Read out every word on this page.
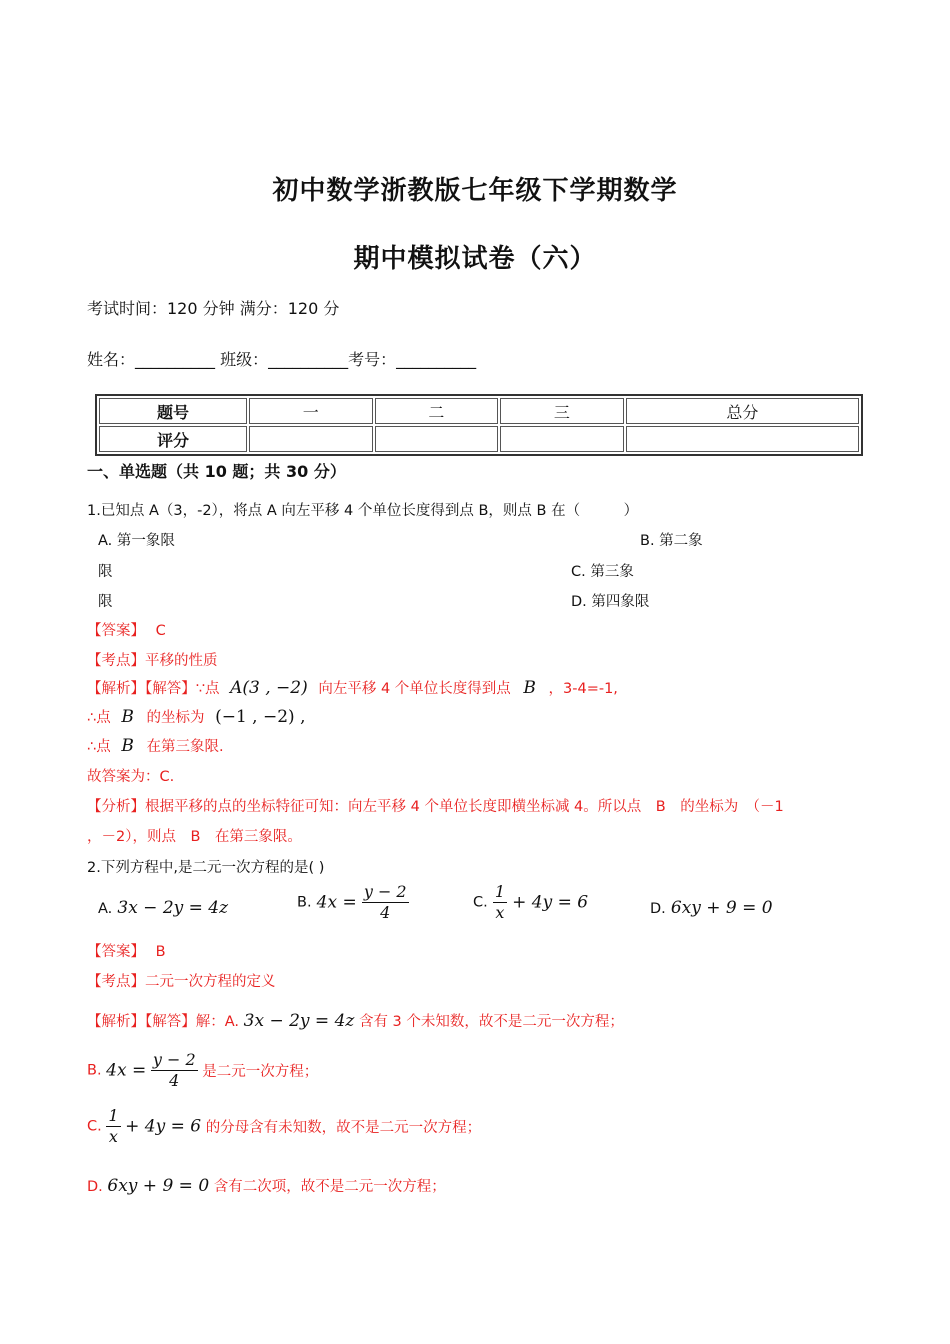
初中数学浙教版七年级下学期数学
期中模拟试卷（六）
考试时间：120 分钟 满分：120 分
姓名：__________ 班级：__________考号：__________
题号	一	二	三	总分
评分				
一、单选题（共 10 题；共 30 分）
1.已知点 A（3，-2），将点 A 向左平移 4 个单位长度得到点 B，则点 B 在（　　　）
A. 第一象限	B. 第二象
限	C. 第三象
限	D. 第四象限
【答案】 C
【考点】平移的性质
【解析】【解答】∵点 A(3 , −2) 向左平移 4 个单位长度得到点 B ，3-4=-1,
∴点 B 的坐标为 (−1 , −2) ,
∴点 B 在第三象限.
故答案为：C.
【分析】根据平移的点的坐标特征可知：向左平移 4 个单位长度即横坐标减 4。所以点　B　的坐标为　（－1
，－2），则点　B　在第三象限。
2.下列方程中,是二元一次方程的是( )
A. 3x − 2y = 4z	B. $4x = \frac{y - 2}{4}$	C. $\frac{1}{x} + 4y = 6$	D. 6xy + 9 = 0
【答案】 B
【考点】二元一次方程的定义
【解析】【解答】解：A. 3x − 2y = 4z 含有 3 个未知数，故不是二元一次方程；
B. $4x = \frac{y - 2}{4}$ 是二元一次方程；
C. $\frac{1}{x} + 4y = 6$ 的分母含有未知数，故不是二元一次方程；
D. 6xy + 9 = 0 含有二次项，故不是二元一次方程；
